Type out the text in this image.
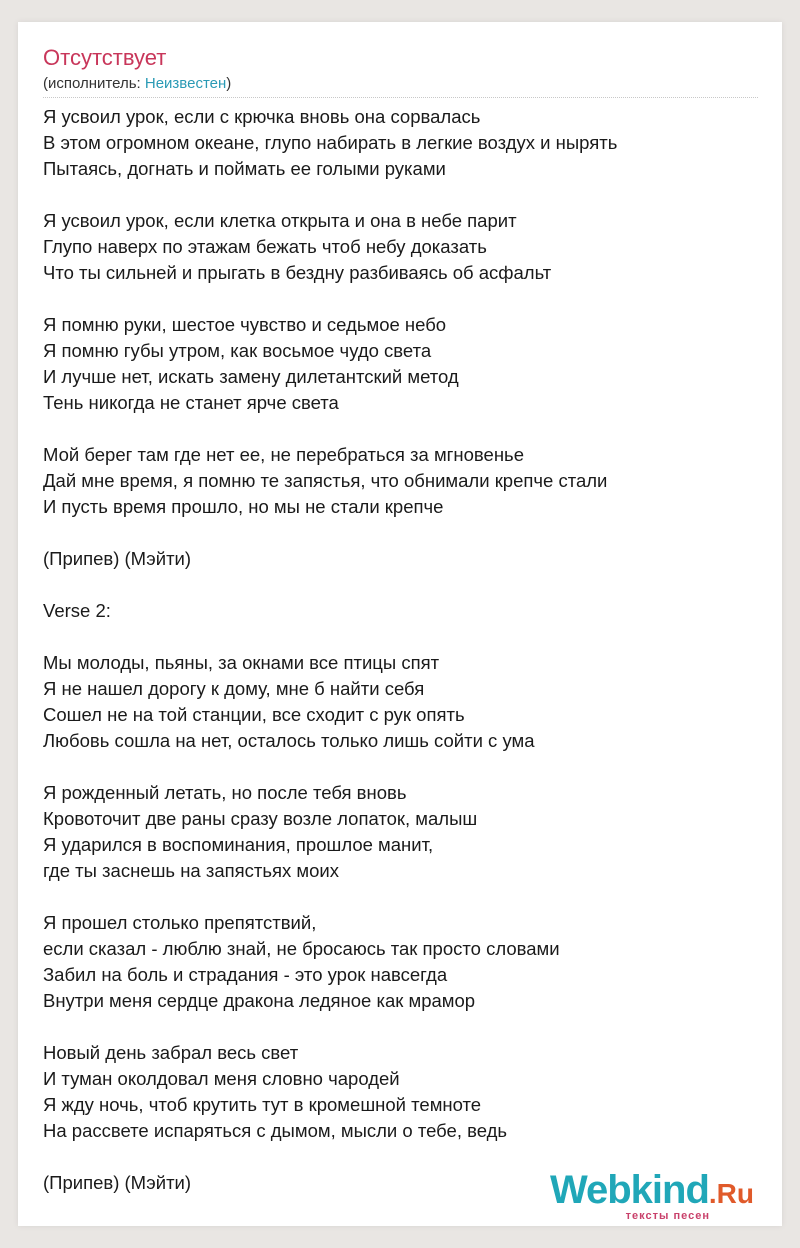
Отсутствует
(исполнитель: Неизвестен)
Я усвоил урок, если с крючка вновь она сорвалась
В этом огромном океане, глупо набирать в легкие воздух и нырять
Пытаясь, догнать и поймать ее голыми руками
Я усвоил урок, если клетка открыта и она в небе парит
Глупо наверх по этажам бежать чтоб небу доказать
Что ты сильней и прыгать в бездну разбиваясь об асфальт
Я помню руки, шестое чувство и седьмое небо
Я помню губы утром, как восьмое чудо света
И лучше нет, искать замену дилетантский метод
Тень никогда не станет ярче света
Мой берег там где нет ее, не перебраться за мгновенье
Дай мне время, я помню те запястья, что обнимали крепче стали
И пусть время прошло, но мы не стали крепче
(Припев) (Мэйти)
Verse 2:
Мы молоды, пьяны, за окнами все птицы спят
Я не нашел дорогу к дому, мне б найти себя
Сошел не на той станции, все сходит с рук опять
Любовь сошла на нет, осталось только лишь сойти с ума
Я рожденный летать, но после тебя вновь
Кровоточит две раны сразу возле лопаток, малыш
Я ударился в воспоминания, прошлое манит,
где ты заснешь на запястьях моих
Я прошел столько препятствий,
если сказал - люблю знай, не бросаюсь так просто словами
Забил на боль и страдания - это урок навсегда
Внутри меня сердце дракона ледяное как мрамор
Новый день забрал весь свет
И туман околдовал меня словно чародей
Я жду ночь, чтоб крутить тут в кромешной темноте
На рассвете испаряться с дымом, мысли о тебе, ведь
(Припев) (Мэйти)	Webkind.Ru
тексты песен
